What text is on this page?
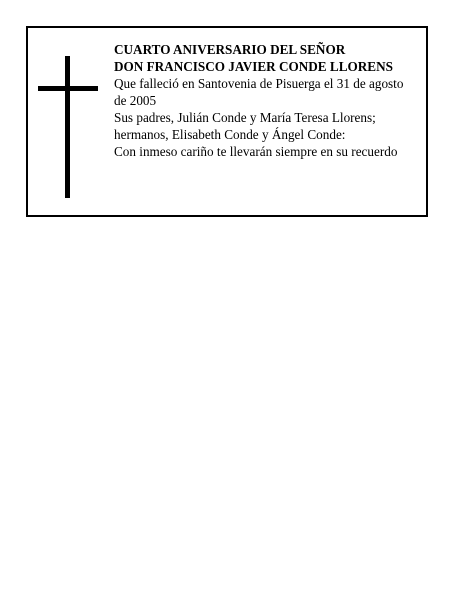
CUARTO ANIVERSARIO DEL SEÑOR
DON FRANCISCO JAVIER CONDE LLORENS
Que falleció en Santovenia de Pisuerga el 31 de agosto de 2005
Sus padres, Julián Conde y María Teresa Llorens; hermanos, Elisabeth Conde y Ángel Conde:
Con inmeso cariño te llevarán siempre en su recuerdo
